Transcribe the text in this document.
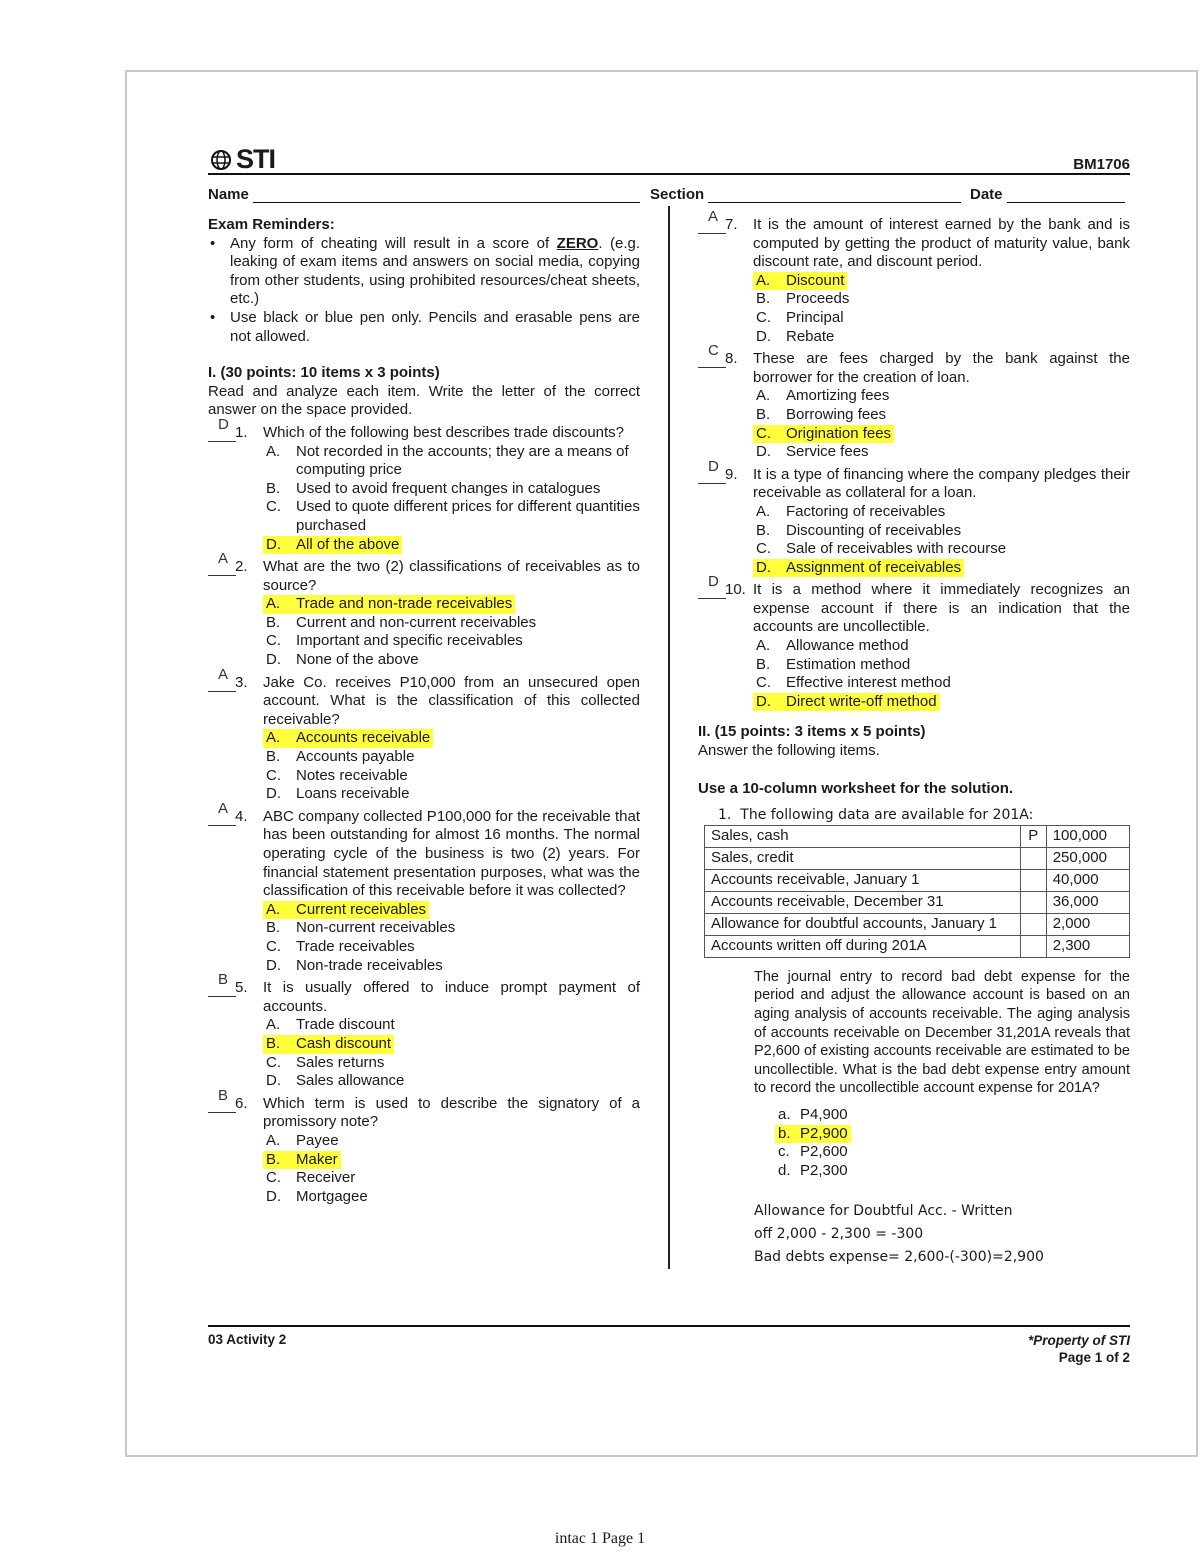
STI	BM1706
Name	Section	Date
Exam Reminders:
• Any form of cheating will result in a score of ZERO. (e.g. leaking of exam items and answers on social media, copying from other students, using prohibited resources/cheat sheets, etc.)
• Use black or blue pen only. Pencils and erasable pens are not allowed.
I. (30 points: 10 items x 3 points)
Read and analyze each item. Write the letter of the correct answer on the space provided.
D 1. Which of the following best describes trade discounts?
A.	Not recorded in the accounts; they are a means of computing price
B.	Used to avoid frequent changes in catalogues
C.	Used to quote different prices for different quantities purchased
D.	All of the above
A 2. What are the two (2) classifications of receivables as to source?
A.	Trade and non-trade receivables
B.	Current and non-current receivables
C.	Important and specific receivables
D.	None of the above
A 3. Jake Co. receives P10,000 from an unsecured open account. What is the classification of this collected receivable?
A.	Accounts receivable
B.	Accounts payable
C.	Notes receivable
D.	Loans receivable
A 4. ABC company collected P100,000 for the receivable that has been outstanding for almost 16 months. The normal operating cycle of the business is two (2) years. For financial statement presentation purposes, what was the classification of this receivable before it was collected?
A.	Current receivables
B.	Non-current receivables
C.	Trade receivables
D.	Non-trade receivables
B 5. It is usually offered to induce prompt payment of accounts.
A.	Trade discount
B.	Cash discount
C.	Sales returns
D.	Sales allowance
B 6. Which term is used to describe the signatory of a promissory note?
A.	Payee
B.	Maker
C.	Receiver
D.	Mortgagee
A 7. It is the amount of interest earned by the bank and is computed by getting the product of maturity value, bank discount rate, and discount period.
A.	Discount
B.	Proceeds
C.	Principal
D.	Rebate
C 8. These are fees charged by the bank against the borrower for the creation of loan.
A.	Amortizing fees
B.	Borrowing fees
C.	Origination fees
D.	Service fees
D 9. It is a type of financing where the company pledges their receivable as collateral for a loan.
A.	Factoring of receivables
B.	Discounting of receivables
C.	Sale of receivables with recourse
D.	Assignment of receivables
D 10. It is a method where it immediately recognizes an expense account if there is an indication that the accounts are uncollectible.
A.	Allowance method
B.	Estimation method
C.	Effective interest method
D.	Direct write-off method
II. (15 points: 3 items x 5 points)
Answer the following items.
Use a 10-column worksheet for the solution.
1. The following data are available for 201A:
Sales, cash	P	100,000
Sales, credit		250,000
Accounts receivable, January 1		40,000
Accounts receivable, December 31		36,000
Allowance for doubtful accounts, January 1		2,000
Accounts written off during 201A		2,300
The journal entry to record bad debt expense for the period and adjust the allowance account is based on an aging analysis of accounts receivable. The aging analysis of accounts receivable on December 31,201A reveals that P2,600 of existing accounts receivable are estimated to be uncollectible. What is the bad debt expense entry amount to record the uncollectible account expense for 201A?
a. P4,900
b. P2,900
c. P2,600
d. P2,300
Allowance for Doubtful Acc. - Written
off 2,000 - 2,300 = -300
Bad debts expense= 2,600-(-300)=2,900
03 Activity 2	*Property of STI
Page 1 of 2
intac 1 Page 1
